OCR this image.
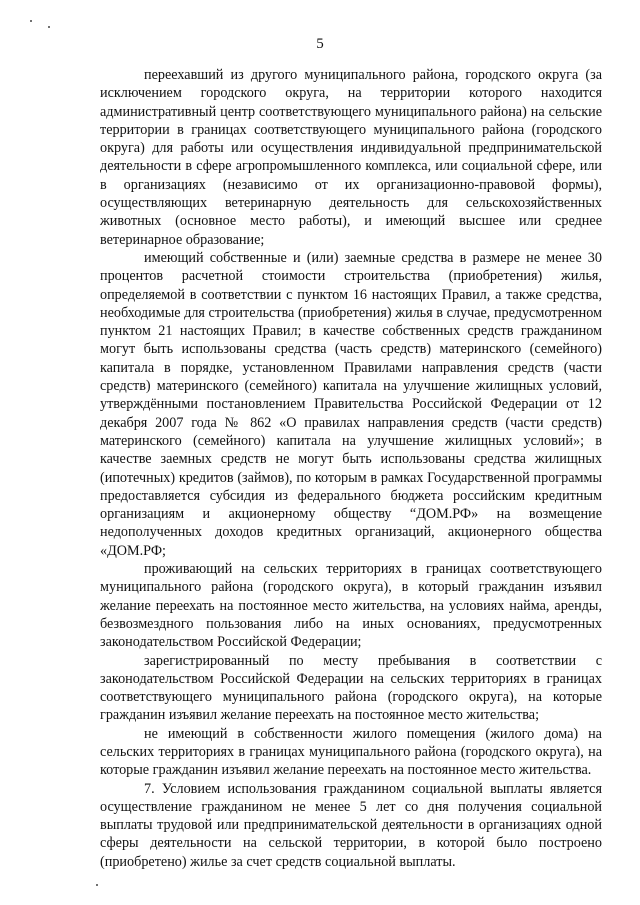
5

переехавший из другого муниципального района, городского округа (за исключением городского округа, на территории которого находится административный центр соответствующего муниципального района) на сельские территории в границах соответствующего муниципального района (городского округа) для работы или осуществления индивидуальной предпринимательской деятельности в сфере агропромышленного комплекса, или социальной сфере, или в организациях (независимо от их организационно-правовой формы), осуществляющих ветеринарную деятельность для сельскохозяйственных животных (основное место работы), и имеющий высшее или среднее ветеринарное образование;

имеющий собственные и (или) заемные средства в размере не менее 30 процентов расчетной стоимости строительства (приобретения) жилья, определяемой в соответствии с пунктом 16 настоящих Правил, а также средства, необходимые для строительства (приобретения) жилья в случае, предусмотренном пунктом 21 настоящих Правил; в качестве собственных средств гражданином могут быть использованы средства (часть средств) материнского (семейного) капитала в порядке, установленном Правилами направления средств (части средств) материнского (семейного) капитала на улучшение жилищных условий, утверждёнными постановлением Правительства Российской Федерации от 12 декабря 2007 года № 862 «О правилах направления средств (части средств) материнского (семейного) капитала на улучшение жилищных условий»; в качестве заемных средств не могут быть использованы средства жилищных (ипотечных) кредитов (займов), по которым в рамках Государственной программы предоставляется субсидия из федерального бюджета российским кредитным организациям и акционерному обществу “ДОМ.РФ» на возмещение недополученных доходов кредитных организаций, акционерного общества «ДОМ.РФ;

проживающий на сельских территориях в границах соответствующего муниципального района (городского округа), в который гражданин изъявил желание переехать на постоянное место жительства, на условиях найма, аренды, безвозмездного пользования либо на иных основаниях, предусмотренных законодательством Российской Федерации;

зарегистрированный по месту пребывания в соответствии с законодательством Российской Федерации на сельских территориях в границах соответствующего муниципального района (городского округа), на которые гражданин изъявил желание переехать на постоянное место жительства;

не имеющий в собственности жилого помещения (жилого дома) на сельских территориях в границах муниципального района (городского округа), на которые гражданин изъявил желание переехать на постоянное место жительства.

7. Условием использования гражданином социальной выплаты является осуществление гражданином не менее 5 лет со дня получения социальной выплаты трудовой или предпринимательской деятельности в организациях одной сферы деятельности на сельской территории, в которой было построено (приобретено) жилье за счет средств социальной выплаты.
